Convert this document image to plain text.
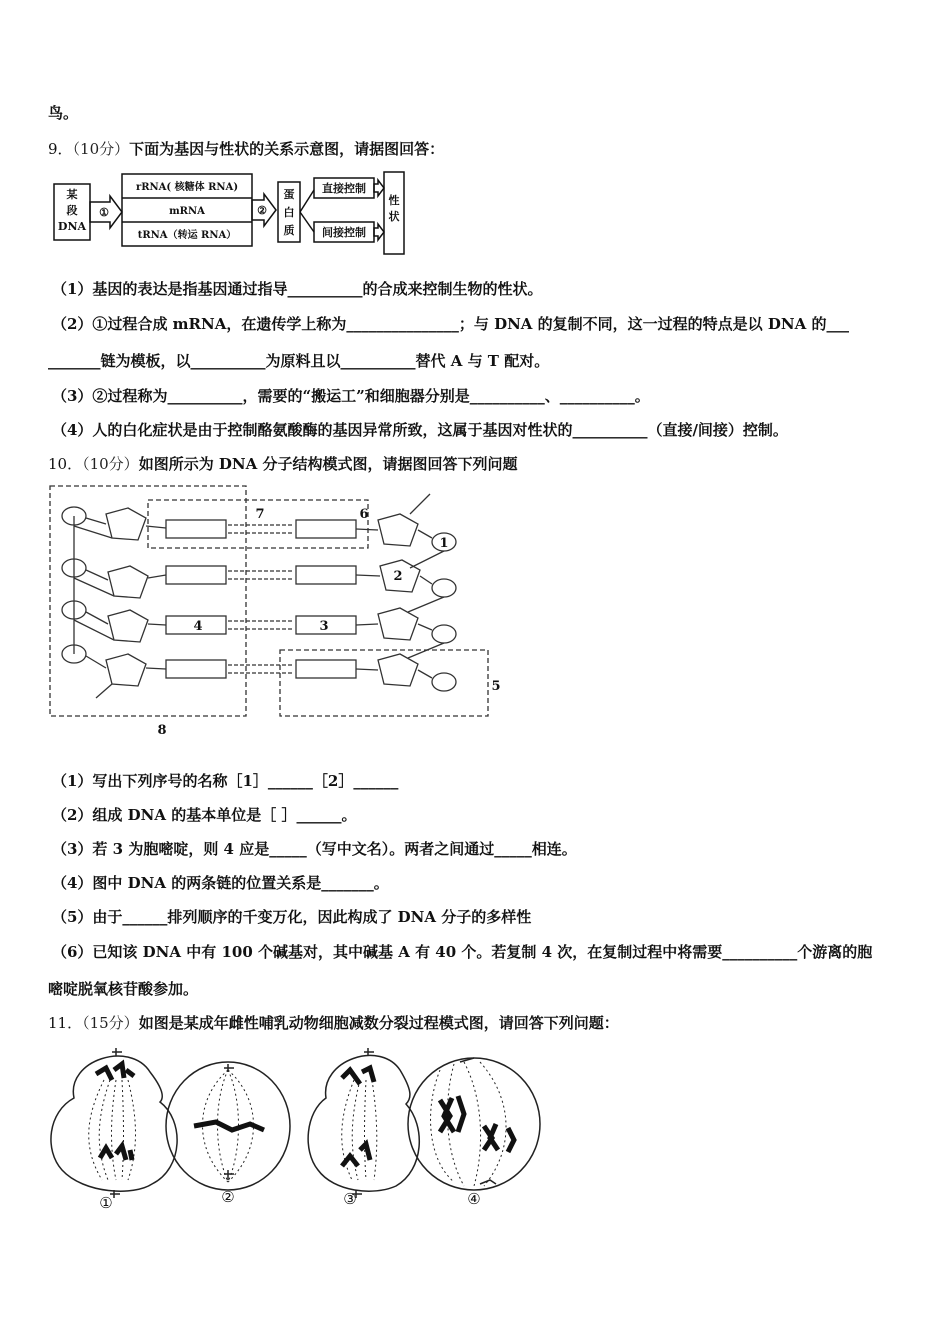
鸟。
9．（10分）下面为基因与性状的关系示意图，请据图回答：
某
段
DNA
①
rRNA( 核糖体 RNA)
mRNA
tRNA（转运 RNA）
②
蛋
白
质
直接控制
间接控制
性
状
（1）基因的表达是指基因通过指导__________的合成来控制生物的性状。
（2）①过程合成 mRNA，在遗传学上称为_______________；与 DNA 的复制不同，这一过程的特点是以 DNA 的___
_______链为模板，以__________为原料且以__________替代 A 与 T 配对。
（3）②过程称为__________，需要的“搬运工”和细胞器分别是__________、__________。
（4）人的白化症状是由于控制酪氨酸酶的基因异常所致，这属于基因对性状的__________（直接/间接）控制。
10．（10分）如图所示为 DNA 分子结构模式图，请据图回答下列问题
1
2
3
4
5
6
7
8
（1）写出下列序号的名称［1］______［2］______
（2）组成 DNA 的基本单位是［ ］______。
（3）若 3 为胞嘧啶，则 4 应是_____（写中文名）。两者之间通过_____相连。
（4）图中 DNA 的两条链的位置关系是_______。
（5）由于______排列顺序的千变万化，因此构成了 DNA 分子的多样性
（6）已知该 DNA 中有 100 个碱基对，其中碱基 A 有 40 个。若复制 4 次，在复制过程中将需要__________个游离的胞
嘧啶脱氧核苷酸参加。
11．（15分）如图是某成年雌性哺乳动物细胞减数分裂过程模式图，请回答下列问题：
①	②	③	④
